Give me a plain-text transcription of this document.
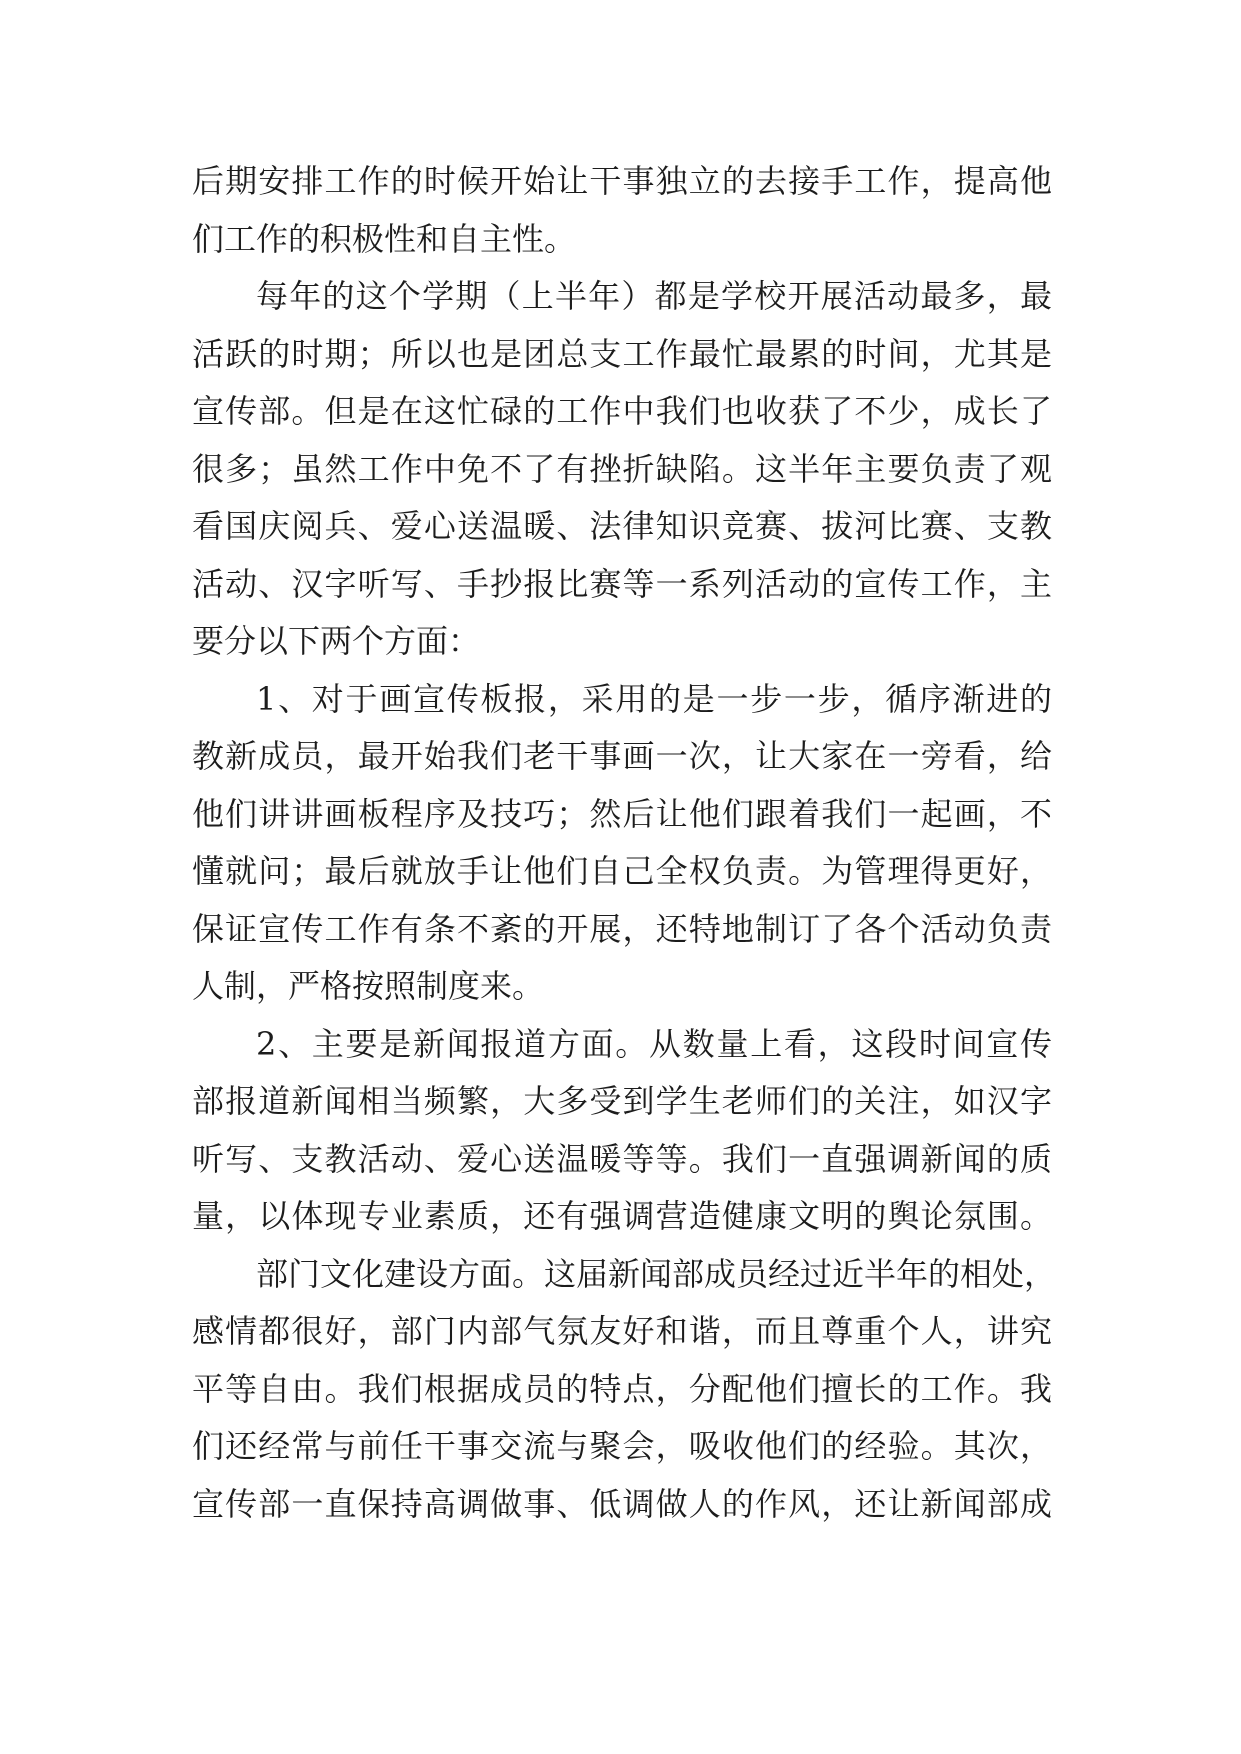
后期安排工作的时候开始让干事独立的去接手工作，提高他
们工作的积极性和自主性。
每年的这个学期（上半年）都是学校开展活动最多，最
活跃的时期；所以也是团总支工作最忙最累的时间，尤其是
宣传部。但是在这忙碌的工作中我们也收获了不少，成长了
很多；虽然工作中免不了有挫折缺陷。这半年主要负责了观
看国庆阅兵、爱心送温暖、法律知识竞赛、拔河比赛、支教
活动、汉字听写、手抄报比赛等一系列活动的宣传工作，主
要分以下两个方面：
1、对于画宣传板报，采用的是一步一步，循序渐进的
教新成员，最开始我们老干事画一次，让大家在一旁看，给
他们讲讲画板程序及技巧；然后让他们跟着我们一起画，不
懂就问；最后就放手让他们自己全权负责。为管理得更好，
保证宣传工作有条不紊的开展，还特地制订了各个活动负责
人制，严格按照制度来。
2、主要是新闻报道方面。从数量上看，这段时间宣传
部报道新闻相当频繁，大多受到学生老师们的关注，如汉字
听写、支教活动、爱心送温暖等等。我们一直强调新闻的质
量，以体现专业素质，还有强调营造健康文明的舆论氛围。
部门文化建设方面。这届新闻部成员经过近半年的相处，
感情都很好，部门内部气氛友好和谐，而且尊重个人，讲究
平等自由。我们根据成员的特点，分配他们擅长的工作。我
们还经常与前任干事交流与聚会，吸收他们的经验。其次，
宣传部一直保持高调做事、低调做人的作风，还让新闻部成
